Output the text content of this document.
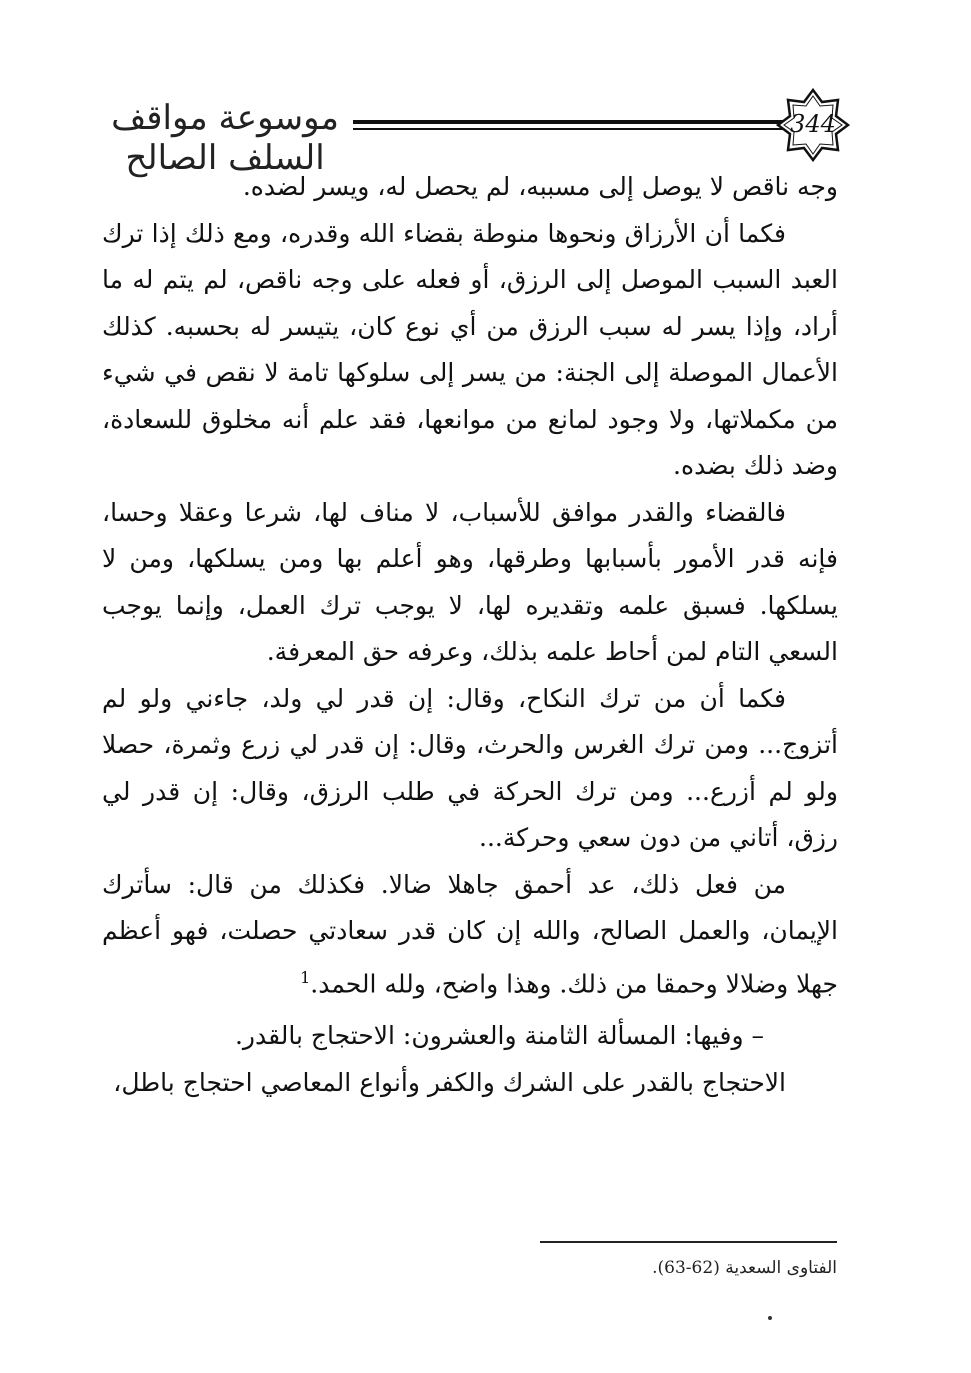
موسوعة مواقف السلف الصالح
344

وجه ناقص لا يوصل إلى مسببه، لم يحصل له، ويسر لضده.

فكما أن الأرزاق ونحوها منوطة بقضاء الله وقدره، ومع ذلك إذا ترك العبد السبب الموصل إلى الرزق، أو فعله على وجه ناقص، لم يتم له ما أراد، وإذا يسر له سبب الرزق من أي نوع كان، يتيسر له بحسبه. كذلك الأعمال الموصلة إلى الجنة: من يسر إلى سلوكها تامة لا نقص في شيء من مكملاتها، ولا وجود لمانع من موانعها، فقد علم أنه مخلوق للسعادة، وضد ذلك بضده.

فالقضاء والقدر موافق للأسباب، لا مناف لها، شرعا وعقلا وحسا، فإنه قدر الأمور بأسبابها وطرقها، وهو أعلم بها ومن يسلكها، ومن لا يسلكها. فسبق علمه وتقديره لها، لا يوجب ترك العمل، وإنما يوجب السعي التام لمن أحاط علمه بذلك، وعرفه حق المعرفة.

فكما أن من ترك النكاح، وقال: إن قدر لي ولد، جاءني ولو لم أتزوج... ومن ترك الغرس والحرث، وقال: إن قدر لي زرع وثمرة، حصلا ولو لم أزرع... ومن ترك الحركة في طلب الرزق، وقال: إن قدر لي رزق، أتاني من دون سعي وحركة...

من فعل ذلك، عد أحمق جاهلا ضالا. فكذلك من قال: سأترك الإيمان، والعمل الصالح، والله إن كان قدر سعادتي حصلت، فهو أعظم جهلا وضلالا وحمقا من ذلك. وهذا واضح، ولله الحمد.$^1$

– وفيها: المسألة الثامنة والعشرون: الاحتجاج بالقدر.

الاحتجاج بالقدر على الشرك والكفر وأنواع المعاصي احتجاج باطل،

الفتاوى السعدية (62-63).
